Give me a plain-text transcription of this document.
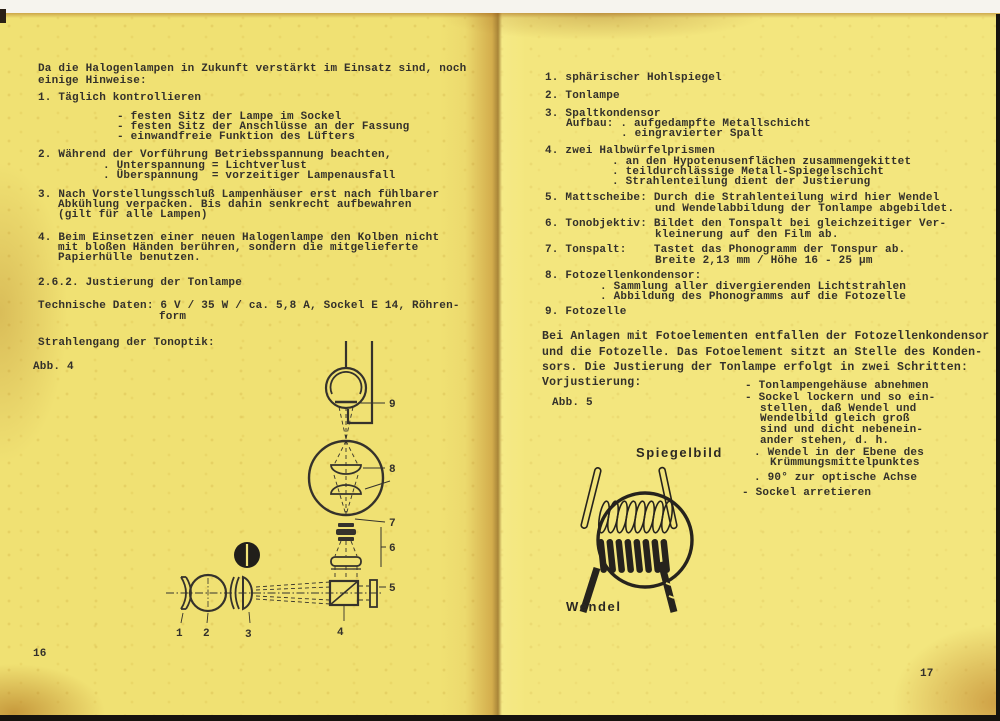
Da die Halogenlampen in Zukunft verstärkt im Einsatz sind, noch
einige Hinweise:
1. Täglich kontrollieren
- festen Sitz der Lampe im Sockel
- festen Sitz der Anschlüsse an der Fassung
- einwandfreie Funktion des Lüfters
2. Während der Vorführung Betriebsspannung beachten,
. Unterspannung = Lichtverlust
. Überspannung  = vorzeitiger Lampenausfall
3. Nach Vorstellungsschluß Lampenhäuser erst nach fühlbarer
Abkühlung verpacken. Bis dahin senkrecht aufbewahren
(gilt für alle Lampen)
4. Beim Einsetzen einer neuen Halogenlampe den Kolben nicht
mit bloßen Händen berühren, sondern die mitgelieferte
Papierhülle benutzen.
2.6.2. Justierung der Tonlampe
Technische Daten: 6 V / 35 W / ca. 5,8 A, Sockel E 14, Röhren-
form
Strahlengang der Tonoptik:
Abb. 4
1 2	3	4
5
6
7
8
9
16
1. sphärischer Hohlspiegel
2. Tonlampe
3. Spaltkondensor
Aufbau: . aufgedampfte Metallschicht
. eingravierter Spalt
4. zwei Halbwürfelprismen
. an den Hypotenusenflächen zusammengekittet
. teildurchlässige Metall-Spiegelschicht
. Strahlenteilung dient der Justierung
5. Mattscheibe: Durch die Strahlenteilung wird hier Wendel
und Wendelabbildung der Tonlampe abgebildet.
6. Tonobjektiv: Bildet den Tonspalt bei gleichzeitiger Ver-
kleinerung auf den Film ab.
7. Tonspalt:    Tastet das Phonogramm der Tonspur ab.
Breite 2,13 mm / Höhe 16 - 25 µm
8. Fotozellenkondensor:
. Sammlung aller divergierenden Lichtstrahlen
. Abbildung des Phonogramms auf die Fotozelle
9. Fotozelle
Bei Anlagen mit Fotoelementen entfallen der Fotozellenkondensor
und die Fotozelle. Das Fotoelement sitzt an Stelle des Konden-
sors. Die Justierung der Tonlampe erfolgt in zwei Schritten:
Vorjustierung:
Abb. 5
- Tonlampengehäuse abnehmen
- Sockel lockern und so ein-
stellen, daß Wendel und
Wendelbild gleich groß
sind und dicht nebenein-
ander stehen, d. h.
. Wendel in der Ebene des
Krümmungsmittelpunktes
. 90° zur optische Achse
- Sockel arretieren
Spiegelbild
Wendel
17
